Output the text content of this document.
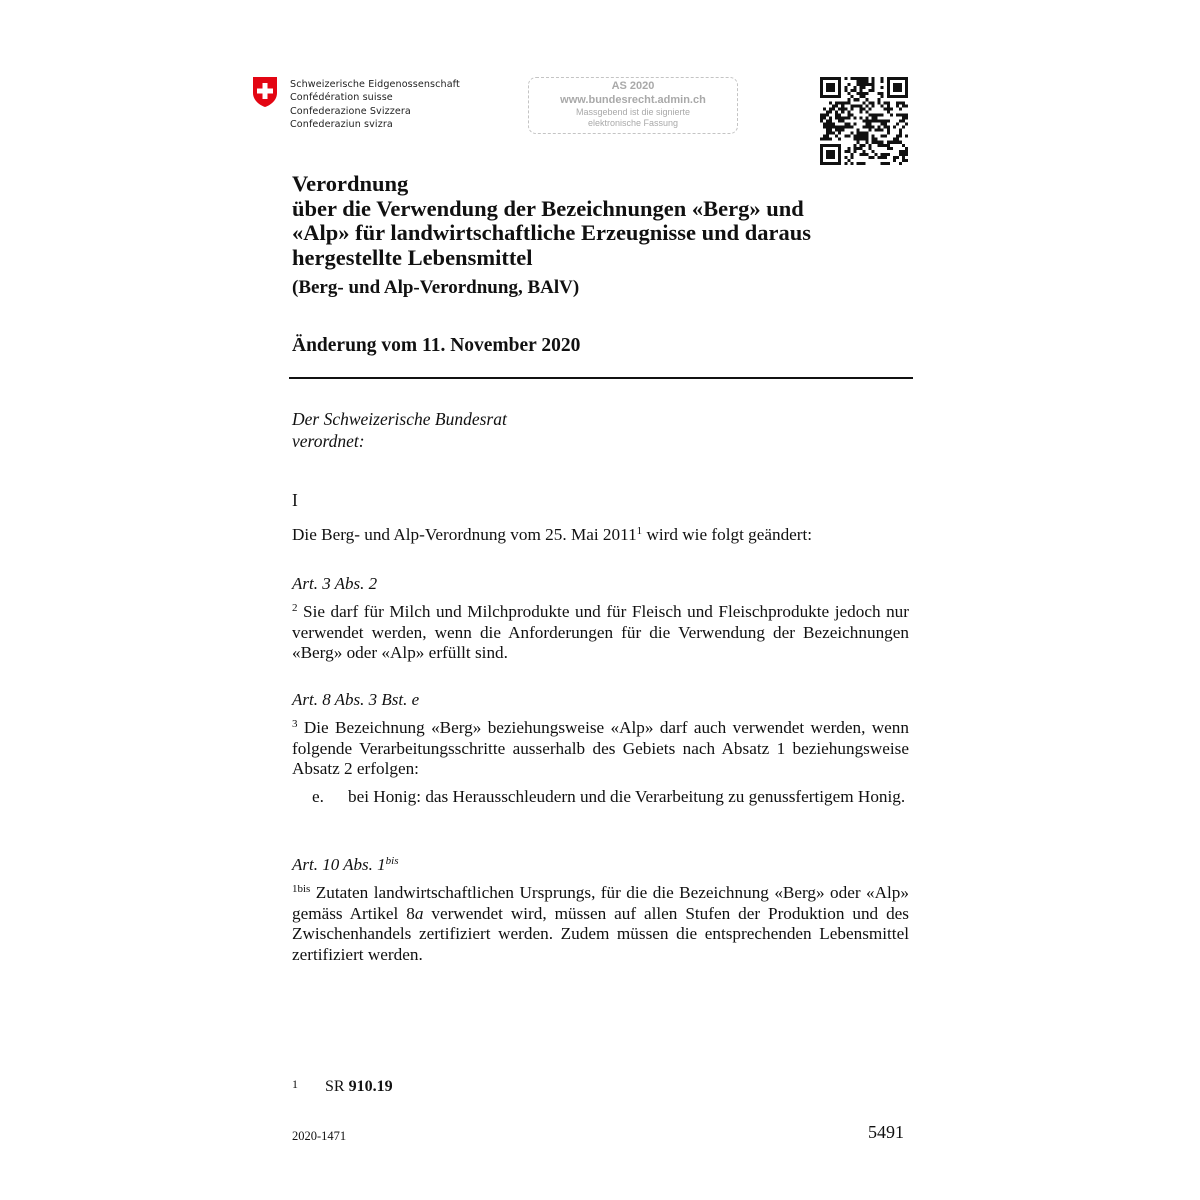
Schweizerische Eidgenossenschaft
Confédération suisse
Confederazione Svizzera
Confederaziun svizra
AS 2020
www.bundesrecht.admin.ch
Massgebend ist die signierte
elektronische Fassung
Verordnung
über die Verwendung der Bezeichnungen «Berg» und
«Alp» für landwirtschaftliche Erzeugnisse und daraus
hergestellte Lebensmittel
(Berg- und Alp-Verordnung, BAlV)
Änderung vom 11. November 2020
Der Schweizerische Bundesrat
verordnet:
I
Die Berg- und Alp-Verordnung vom 25. Mai 2011$^1$ wird wie folgt geändert:
Art. 3 Abs. 2
$^2$ Sie darf für Milch und Milchprodukte und für Fleisch und Fleischprodukte jedoch nur verwendet werden, wenn die Anforderungen für die Verwendung der Bezeichnungen «Berg» oder «Alp» erfüllt sind.
Art. 8 Abs. 3 Bst. e
$^3$ Die Bezeichnung «Berg» beziehungsweise «Alp» darf auch verwendet werden, wenn folgende Verarbeitungsschritte ausserhalb des Gebiets nach Absatz 1 beziehungsweise Absatz 2 erfolgen:
e. bei Honig: das Herausschleudern und die Verarbeitung zu genussfertigem Honig.
Art. 10 Abs. $1^{bis}$
$^{1bis}$ Zutaten landwirtschaftlichen Ursprungs, für die die Bezeichnung «Berg» oder «Alp» gemäss Artikel 8a verwendet wird, müssen auf allen Stufen der Produktion und des Zwischenhandels zertifiziert werden. Zudem müssen die entsprechenden Lebensmittel zertifiziert werden.
1 SR 910.19
2020-1471	5491
